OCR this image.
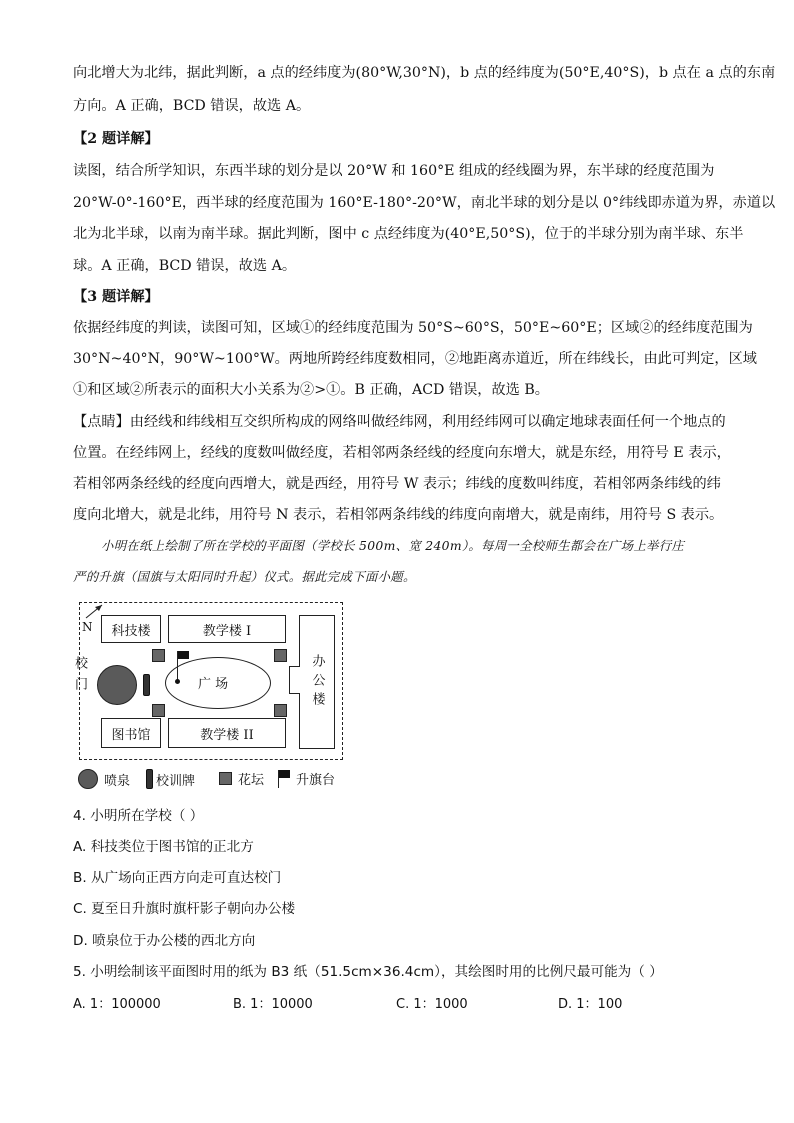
向北增大为北纬，据此判断，a 点的经纬度为(80°W,30°N)，b 点的经纬度为(50°E,40°S)，b 点在 a 点的东南
方向。A 正确，BCD 错误，故选 A。
【2 题详解】
读图，结合所学知识，东西半球的划分是以 20°W 和 160°E 组成的经线圈为界，东半球的经度范围为
20°W-0°-160°E，西半球的经度范围为 160°E-180°-20°W，南北半球的划分是以 0°纬线即赤道为界，赤道以
北为北半球，以南为南半球。据此判断，图中 c 点经纬度为(40°E,50°S)，位于的半球分别为南半球、东半
球。A 正确，BCD 错误，故选 A。
【3 题详解】
依据经纬度的判读，读图可知，区域①的经纬度范围为 50°S~60°S，50°E~60°E；区域②的经纬度范围为
30°N~40°N，90°W~100°W。两地所跨经纬度数相同，②地距离赤道近，所在纬线长，由此可判定，区域
①和区域②所表示的面积大小关系为②>①。B 正确，ACD 错误，故选 B。
【点睛】由经线和纬线相互交织所构成的网络叫做经纬网，利用经纬网可以确定地球表面任何一个地点的
位置。在经纬网上，经线的度数叫做经度，若相邻两条经线的经度向东增大，就是东经，用符号 E 表示，
若相邻两条经线的经度向西增大，就是西经，用符号 W 表示；纬线的度数叫纬度，若相邻两条纬线的纬
度向北增大，就是北纬，用符号 N 表示，若相邻两条纬线的纬度向南增大，就是南纬，用符号 S 表示。
小明在纸上绘制了所在学校的平面图（学校长 500m、宽 240m）。每周一全校师生都会在广场上举行庄
严的升旗（国旗与太阳同时升起）仪式。据此完成下面小题。
N
校门
科技楼	教学楼 I
图书馆	教学楼 II
办公楼
广 场
喷泉 校训牌	花坛 升旗台
4. 小明所在学校（ ）
A. 科技类位于图书馆的正北方
B. 从广场向正西方向走可直达校门
C. 夏至日升旗时旗杆影子朝向办公楼
D. 喷泉位于办公楼的西北方向
5. 小明绘制该平面图时用的纸为 B3 纸（51.5cm×36.4cm），其绘图时用的比例尺最可能为（ ）
A. 1：100000	B. 1：10000	C. 1：1000	D. 1：100
